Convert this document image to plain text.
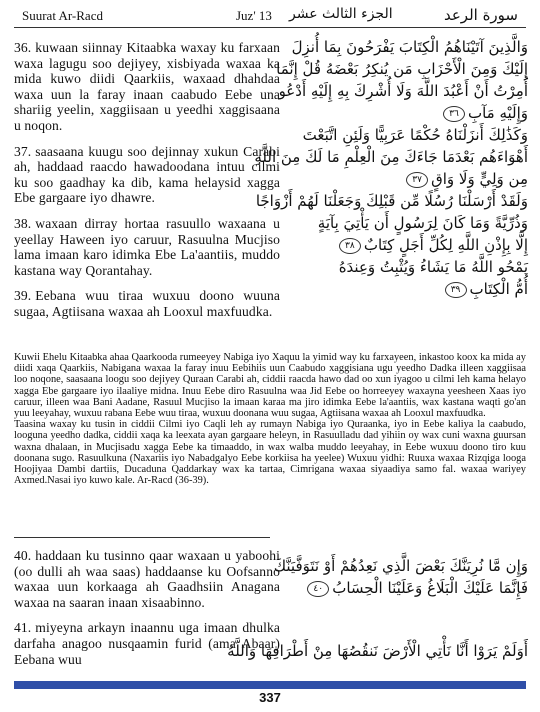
Suurat Ar-Racd	Juz' 13 الجزء الثالث عشر	سورة الرعد

36. kuwaan siinnay Kitaabka waxay ku farxaan waxa lagugu soo dejiyey, xisbiyada waxaa ka mida kuwo diidi Qaarkiis, waxaad dhahdaa waxa uun la faray inaan caabudo Eebe una shariig yeelin, xaggiisaan u yeedhi xaggisaana u noqon.

37. saasaana kuugu soo dejinnay xukun Carabi ah, haddaad raacdo hawadoodana intuu cilmi ku soo gaadhay ka dib, kama helaysid xagga Ebe gargaare iyo dhawre.

38. waxaan dirray hortaa rasuullo waxaana u yeellay Haween iyo caruur, Rasuulna Mucjiso lama imaan karo idimka Ebe La'aantiis, muddo kastana way Qorantahay.

39. Eebana wuu tiraa wuxuu doono wuuna sugaa, Agtiisana waxaa ah Looxul maxfuudka.

وَالَّذِينَ آتَيْنَاهُمُ الْكِتَابَ يَفْرَحُونَ بِمَا أُنزِلَ
إِلَيْكَ وَمِنَ الْأَحْزَابِ مَن يُنكِرُ بَعْضَهُ قُلْ إِنَّمَا
أُمِرْتُ أَنْ أَعْبُدَ اللَّهَ وَلَا أُشْرِكَ بِهِ إِلَيْهِ أَدْعُو
وَإِلَيْهِ مَآبِ٣٦
وَكَذَٰلِكَ أَنزَلْنَاهُ حُكْمًا عَرَبِيًّا وَلَئِنِ اتَّبَعْتَ
أَهْوَاءَهُم بَعْدَمَا جَاءَكَ مِنَ الْعِلْمِ مَا لَكَ مِنَ اللَّهِ
مِن وَلِيٍّ وَلَا وَاقٍ٣٧
وَلَقَدْ أَرْسَلْنَا رُسُلًا مِّن قَبْلِكَ وَجَعَلْنَا لَهُمْ أَزْوَاجًا
وَذُرِّيَّةً وَمَا كَانَ لِرَسُولٍ أَن يَأْتِيَ بِآيَةٍ
إِلَّا بِإِذْنِ اللَّهِ لِكُلِّ أَجَلٍ كِتَابٌ٣٨
يَمْحُو اللَّهُ مَا يَشَاءُ وَيُثْبِتُ وَعِندَهُ
أُمُّ الْكِتَابِ٣٩

Kuwii Ehelu Kitaabka ahaa Qaarkooda rumeeyey Nabiga iyo Xaquu la yimid way ku farxayeen, inkastoo koox ka mida ay diidi xaqa Qaarkiis, Nabigana waxaa la faray inuu Eebihiis uun Caabudo xaggisiana ugu yeedho Dadka illeen xaggiisaa loo noqone, saasaana loogu soo dejiyey Quraan Carabi ah, ciddii raacda hawo dad oo xun iyagoo u cilmi leh kama helayo xagga Ebe gargaare iyo ilaaliye midna. Inuu Eebe diro Rasuulna waa Jid Eebe oo horreeyey waxayna yeesheen Xaas iyo caruur, illeen waa Bani Aadane, Rasuul Mucjiso la imaan karaa ma jiro idimka Eebe la'aantiis, wax kastana waqti go'an yuu leeyahay, wuxuu rabana Eebe wuu tiraa, wuxuu doonana wuu sugaa, Agtiisana waxaa ah Looxul maxfuudka.

Taasina waxay ku tusin in ciddii Cilmi iyo Caqli leh ay rumayn Nabiga iyo Quraanka, iyo in Eebe kaliya la caabudo, looguna yeedho dadka, ciddii xaqa ka leexata ayan gargaare heleyn, in Rasuulladu dad yihiin oy wax cuni waxna guursan waxna dhalaan, in Mucjisadu xagga Eebe ka timaaddo, in wax walba muddo leeyahay, in Eebe wuxuu doono tiro kuu doonana sugo. Rasuulkuna (Naxariis iyo Nabadgalyo Eebe korkiisa ha yeelee) Wuxuu yidhi: Ruuxa waxaa Rizqiga looga Hoojiyaa Dambi dartiis, Ducaduna Qaddarkay wax ka tartaa, Cimrigana waxaa siyaadiya samo fal. waxaa wariyey Axmed.Nasai iyo kuwo kale. Ar-Racd (36-39).

40. haddaan ku tusinno qaar waxaan u yaboohi (oo dulli ah waa saas) haddaanse ku Oofsanno waxaa uun korkaaga ah Gaadhsiin Anagana waxaa na saaran inaan xisaabinno.

41. miyeyna arkayn inaannu uga imaan dhulka darfaha anagoo nusqaamin furid (ama Abaar) Eebana wuu

وَإِن مَّا نُرِيَنَّكَ بَعْضَ الَّذِي نَعِدُهُمْ أَوْ نَتَوَفَّيَنَّكَ
فَإِنَّمَا عَلَيْكَ الْبَلَاغُ وَعَلَيْنَا الْحِسَابُ٤٠
أَوَلَمْ يَرَوْا أَنَّا نَأْتِي الْأَرْضَ نَنقُصُهَا مِنْ أَطْرَافِهَا وَاللَّهُ
337
